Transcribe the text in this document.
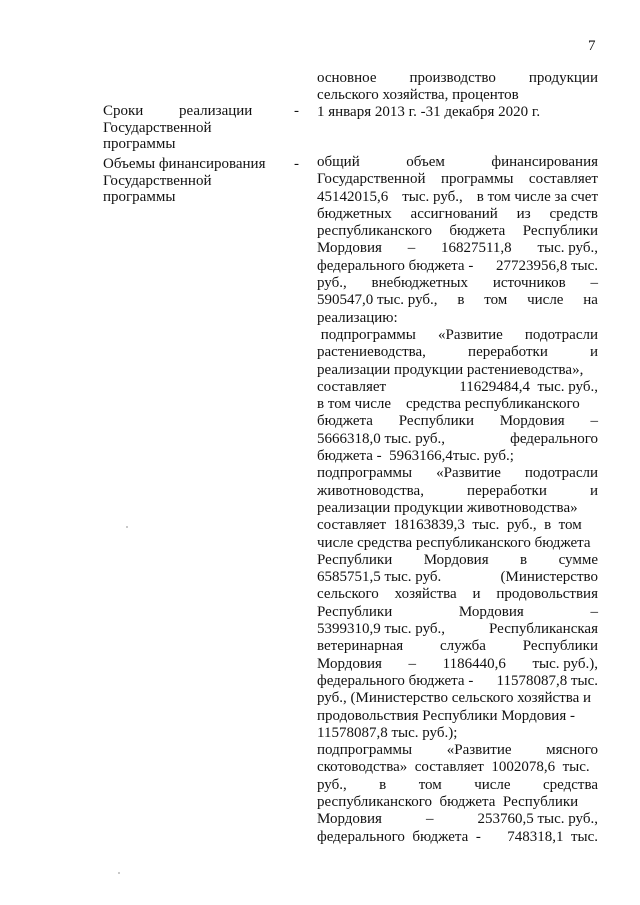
7
основное производство продукции
сельского хозяйства, процентов
Сроки реализации	-
Государственной
программы
1 января 2013 г. -31 декабря 2020 г.
Объемы финансирования	-
Государственной
программы
общий	объем	финансирования
Государственной программы составляет
45142015,6 тыс. руб., в том числе за счет
бюджетных ассигнований из средств
республиканского бюджета Республики
Мордовия – 16827511,8 тыс. руб.,
федерального бюджета - 27723956,8 тыс.
руб., внебюджетных источников –
590547,0 тыс. руб., в том числе на
реализацию:
подпрограммы «Развитие подотрасли
растениеводства,	переработки	и
реализации продукции растениеводства»,
составляет	11629484,4  тыс. руб.,
в том числе    средства республиканского
бюджета Республики Мордовия –
5666318,0 тыс. руб.,	федерального
бюджета -  5963166,4тыс. руб.;
подпрограммы «Развитие подотрасли
животноводства,	переработки	и
реализации продукции животноводства»
составляет  18163839,3  тыс.  руб.,  в  том
числе средства республиканского бюджета
Республики Мордовия в сумме
6585751,5 тыс. руб.	(Министерство
сельского хозяйства и продовольствия
Республики	Мордовия	–
5399310,9 тыс. руб.,	Республиканская
ветеринарная служба Республики
Мордовия – 1186440,6 тыс. руб.),
федерального бюджета - 11578087,8 тыс.
руб., (Министерство сельского хозяйства и
продовольствия Республики Мордовия -
11578087,8 тыс. руб.);
подпрограммы «Развитие мясного
скотоводства»  составляет  1002078,6  тыс.
руб., в том числе средства
республиканского  бюджета  Республики
Мордовия	–	253760,5 тыс. руб.,
федерального  бюджета  - 748318,1  тыс.
